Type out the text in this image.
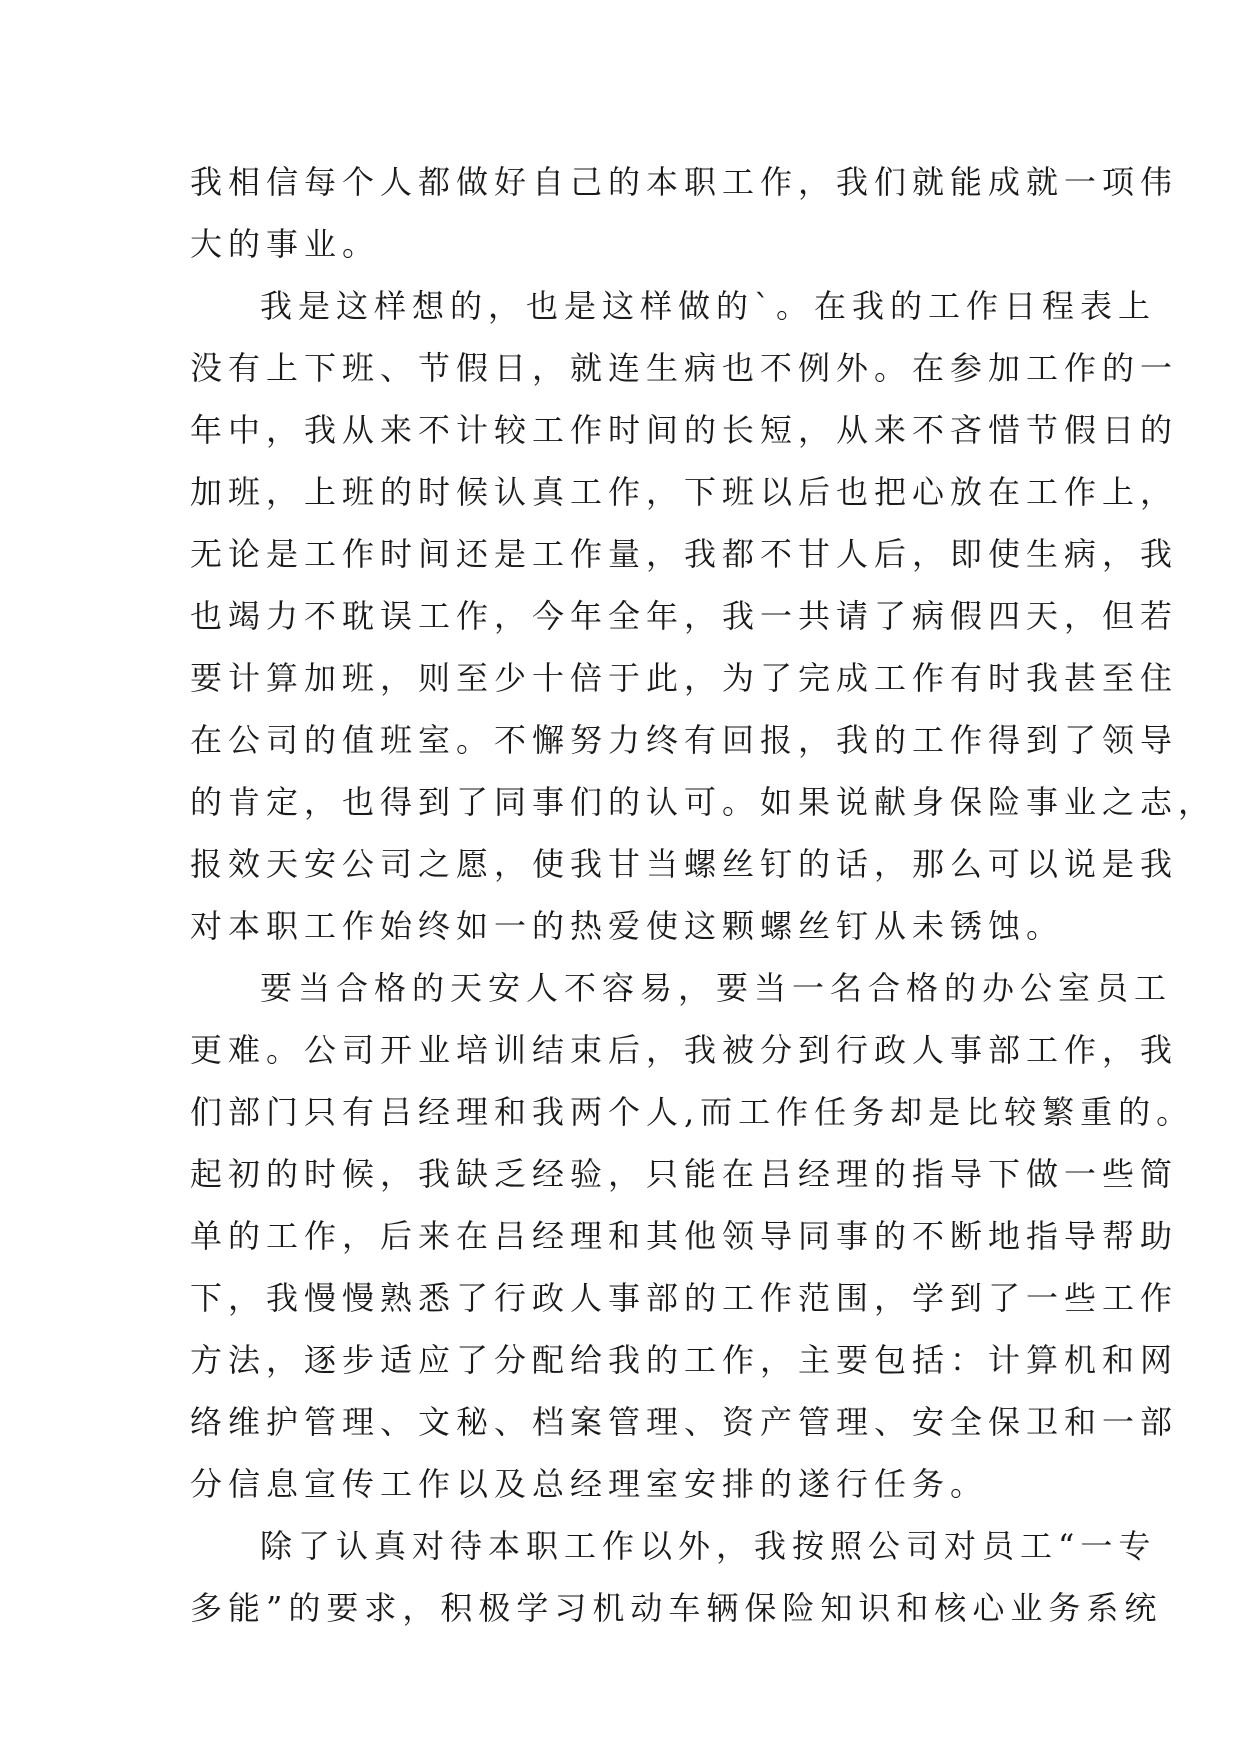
我相信每个人都做好自己的本职工作，我们就能成就一项伟
大的事业。
我是这样想的，也是这样做的`。在我的工作日程表上
没有上下班、节假日，就连生病也不例外。在参加工作的一
年中，我从来不计较工作时间的长短，从来不吝惜节假日的
加班，上班的时候认真工作，下班以后也把心放在工作上，
无论是工作时间还是工作量，我都不甘人后，即使生病，我
也竭力不耽误工作，今年全年，我一共请了病假四天，但若
要计算加班，则至少十倍于此，为了完成工作有时我甚至住
在公司的值班室。不懈努力终有回报，我的工作得到了领导
的肯定，也得到了同事们的认可。如果说献身保险事业之志，
报效天安公司之愿，使我甘当螺丝钉的话，那么可以说是我
对本职工作始终如一的热爱使这颗螺丝钉从未锈蚀。
要当合格的天安人不容易，要当一名合格的办公室员工
更难。公司开业培训结束后，我被分到行政人事部工作，我
们部门只有吕经理和我两个人,而工作任务却是比较繁重的。
起初的时候，我缺乏经验，只能在吕经理的指导下做一些简
单的工作，后来在吕经理和其他领导同事的不断地指导帮助
下，我慢慢熟悉了行政人事部的工作范围，学到了一些工作
方法，逐步适应了分配给我的工作，主要包括：计算机和网
络维护管理、文秘、档案管理、资产管理、安全保卫和一部
分信息宣传工作以及总经理室安排的遂行任务。
除了认真对待本职工作以外，我按照公司对员工“一专
多能”的要求，积极学习机动车辆保险知识和核心业务系统
